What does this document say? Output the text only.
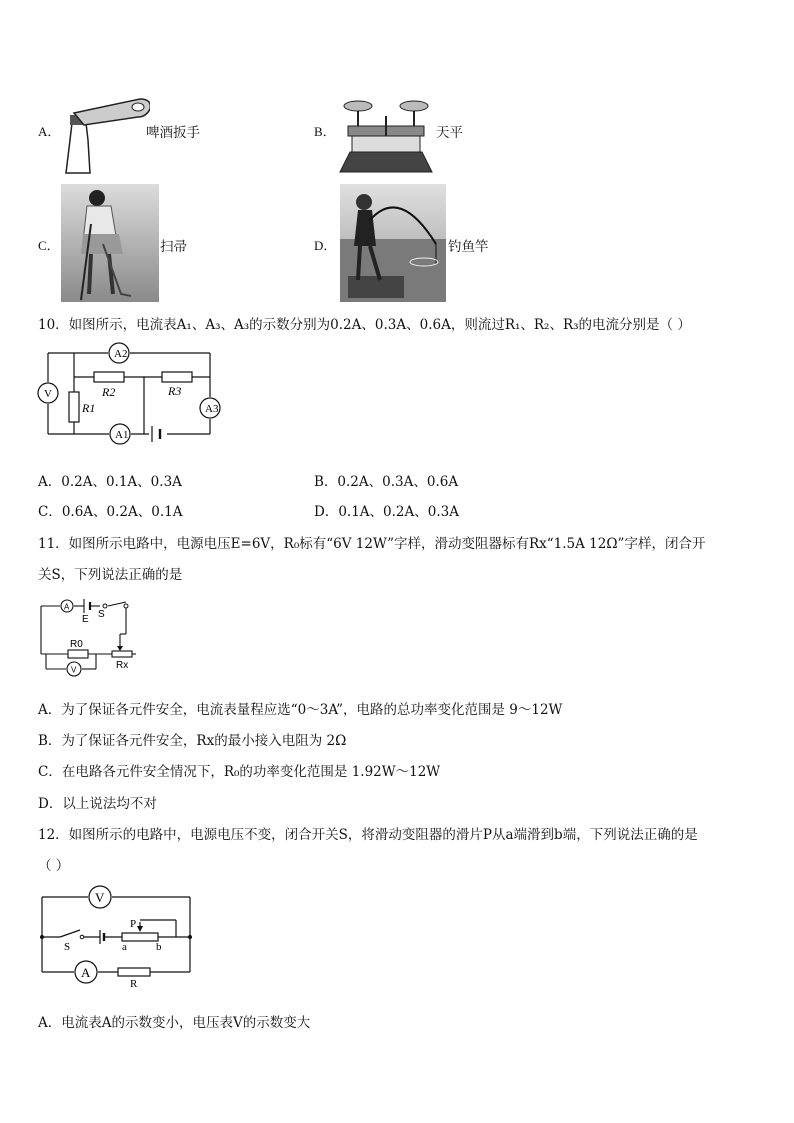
A．	啤酒扳手	B．	天平
C．	扫帚	D．	钓鱼竿
10．如图所示，电流表A₁、A₃、A₃的示数分别为0.2A、0.3A、0.6A，则流过R₁、R₂、R₃的电流分别是（ ）
A2
A1
A3
V
R1
R2	R3
A．0.2A、0.1A、0.3A	B．0.2A、0.3A、0.6A
C．0.6A、0.2A、0.1A	D．0.1A、0.2A、0.3A
11．如图所示电路中，电源电压E=6V，R₀标有“6V 12W”字样，滑动变阻器标有Rx“1.5A 12Ω”字样，闭合开
关S，下列说法正确的是
A
E S
R0
V	Rx
A．为了保证各元件安全，电流表量程应选“0～3A”，电路的总功率变化范围是 9～12W
B．为了保证各元件安全，Rx的最小接入电阻为 2Ω
C．在电路各元件安全情况下，R₀的功率变化范围是 1.92W～12W
D．以上说法均不对
12．如图所示的电路中，电源电压不变，闭合开关S，将滑动变阻器的滑片P从a端滑到b端，下列说法正确的是
（ ）
V
A
P
S	a	b
R
A．电流表A的示数变小，电压表V的示数变大
